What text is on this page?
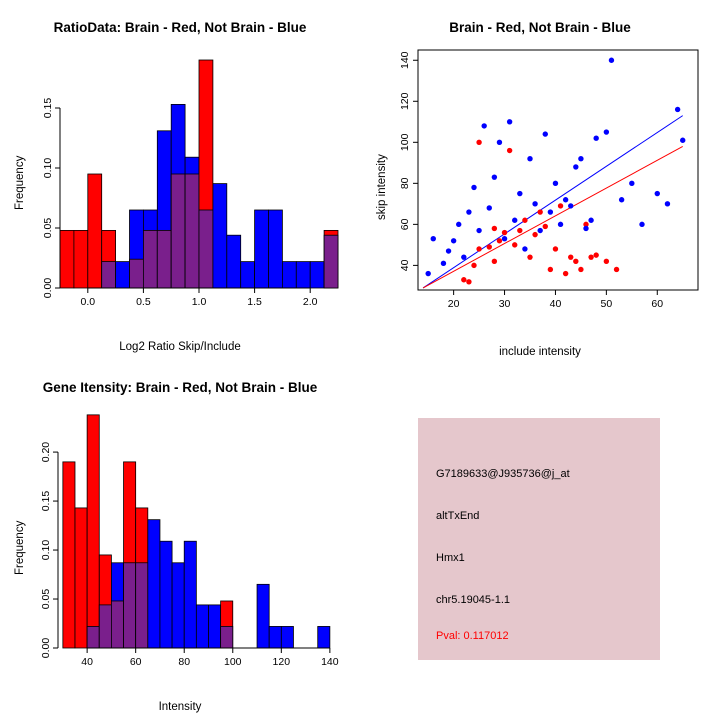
RatioData: Brain - Red, Not Brain - Blue
Frequency
Log2 Ratio Skip/Include
0.0	0.5	1.0	1.5	2.0
0.00
0.05
0.10
0.15
Brain - Red, Not Brain - Blue
skip intensity
include intensity
20	30	40	50	60
40
60
80
100
120
140
Gene Itensity: Brain - Red, Not Brain - Blue
Frequency
Intensity
40	60	80	100	120	140
0.00
0.05
0.10
0.15
0.20
G7189633@J935736@j_at
altTxEnd
Hmx1
chr5.19045-1.1
Pval: 0.117012
